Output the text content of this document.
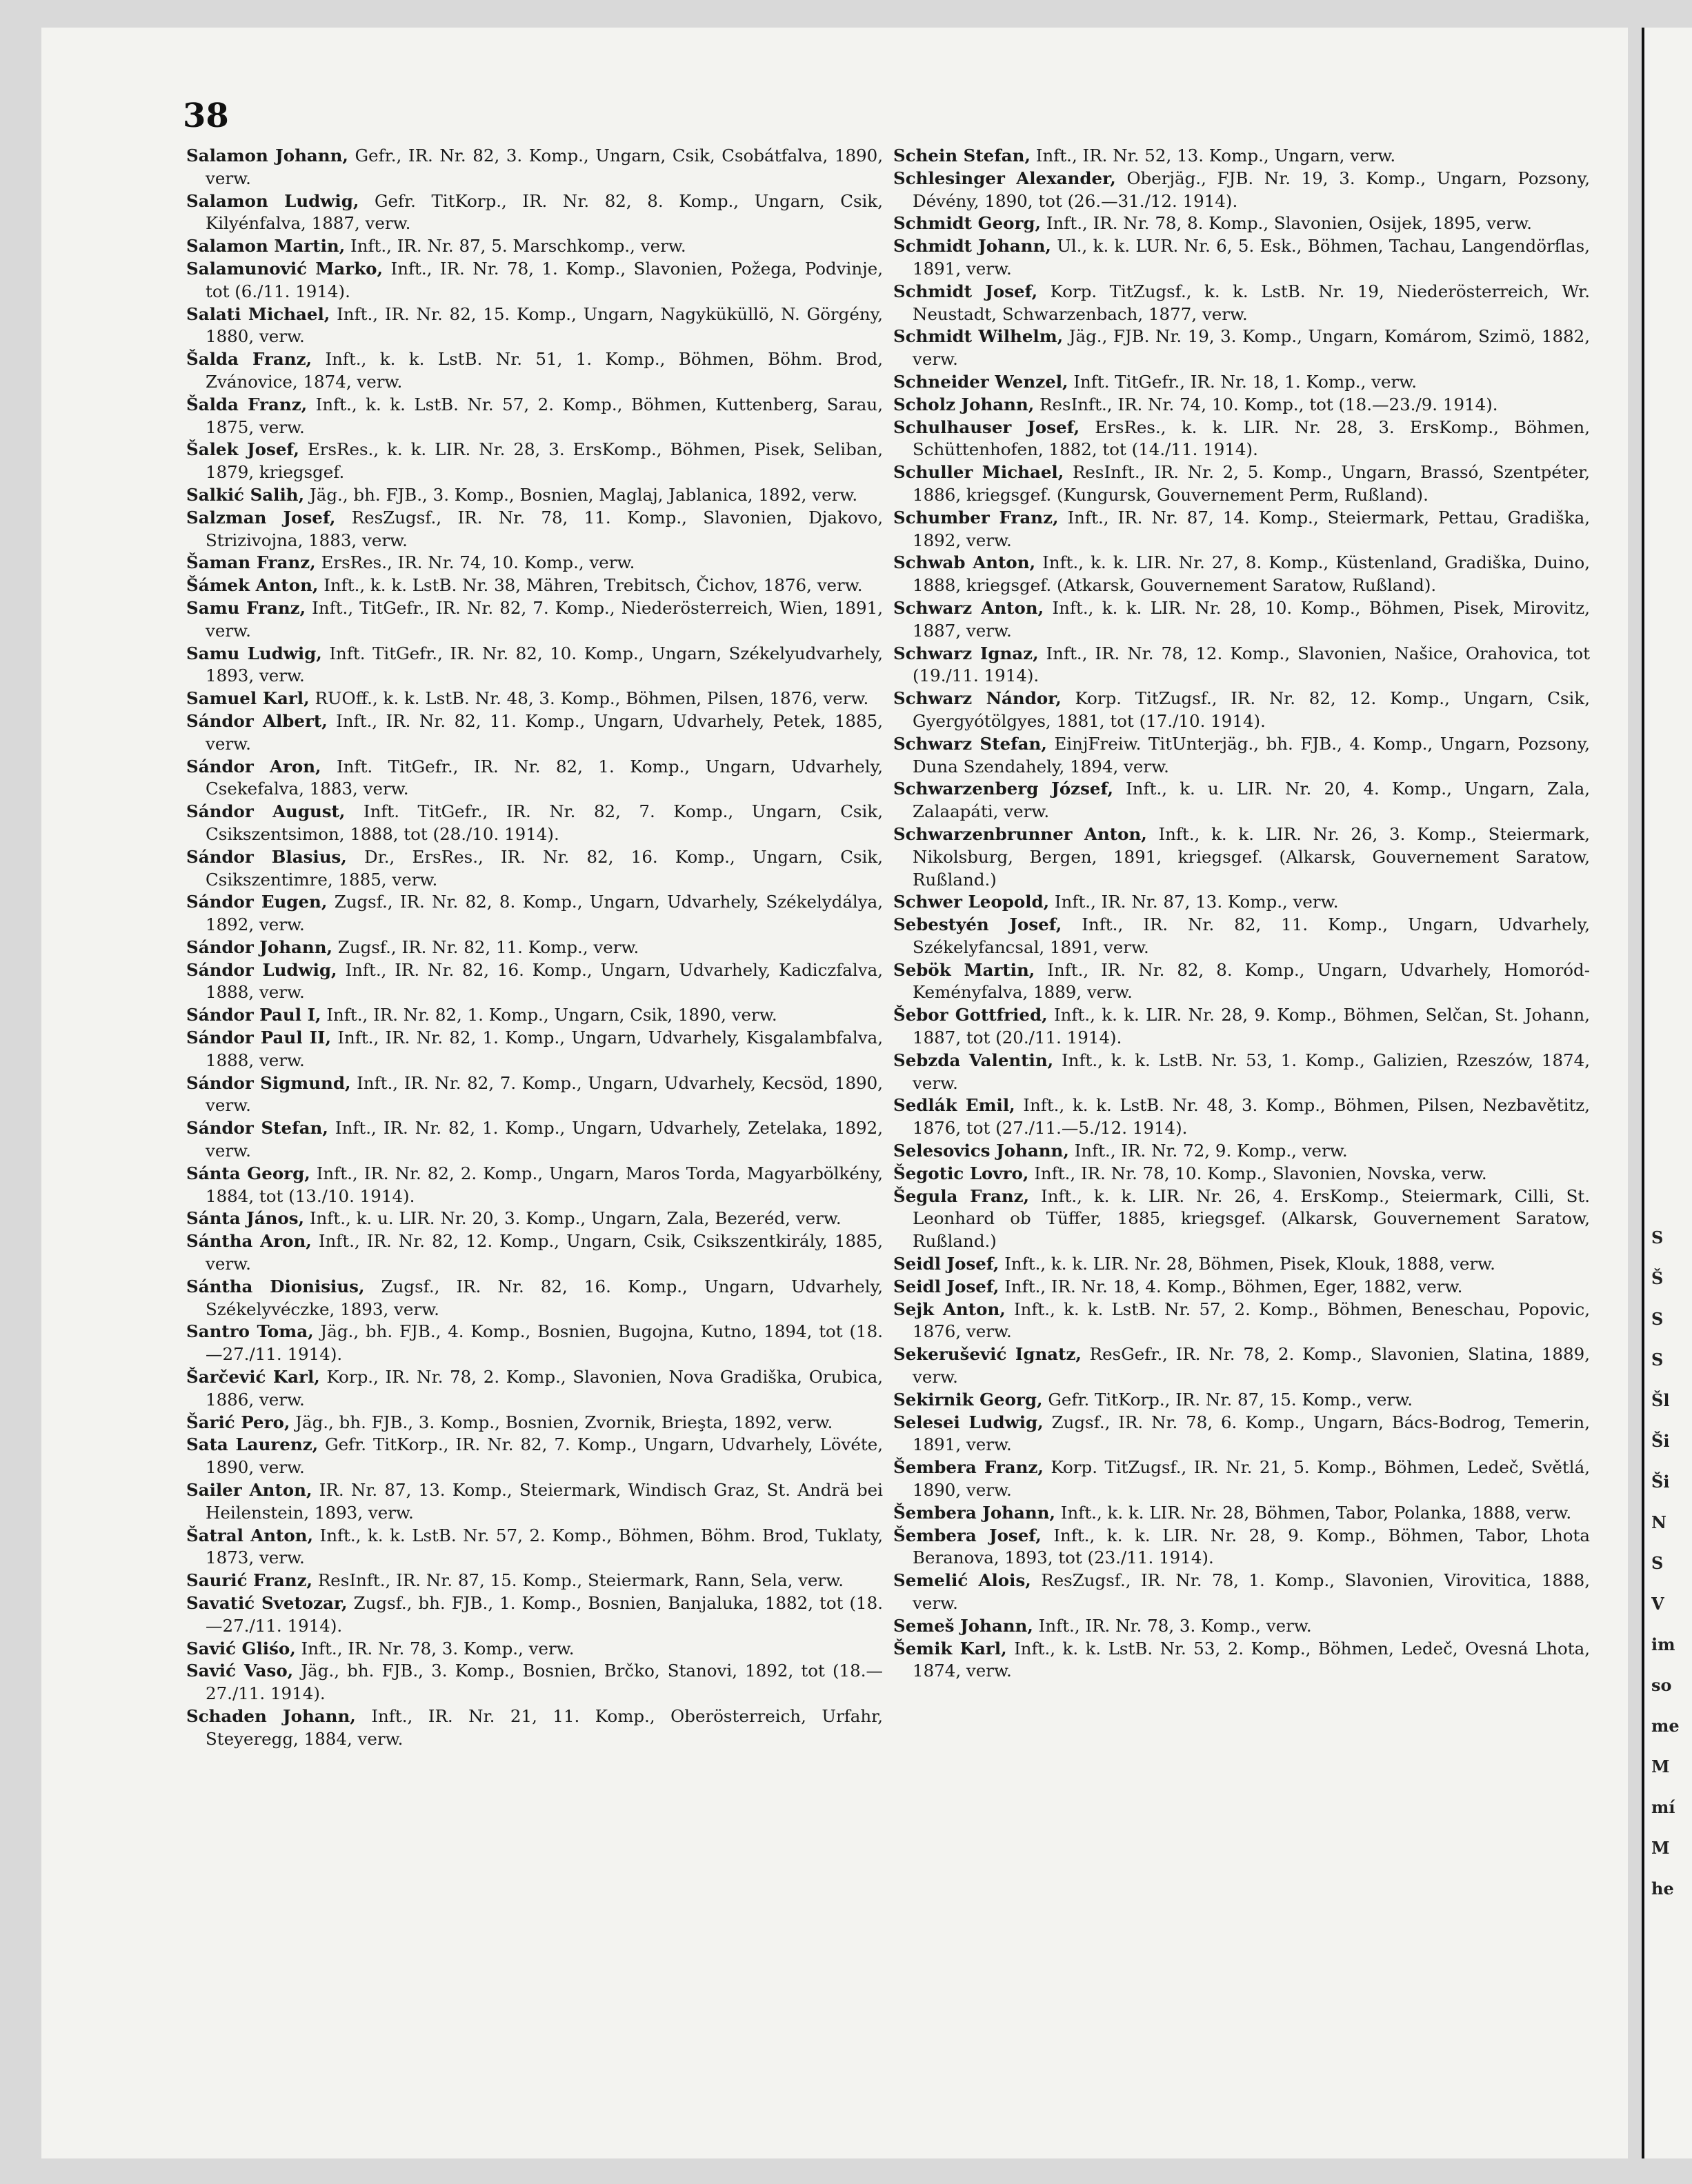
S
Š
S
S
Šl
Ši
Ši
N
S
V
im
so
me
M
mí
M
he
38
Salamon Johann, Gefr., IR. Nr. 82, 3. Komp., Ungarn, Csik, Csobátfalva, 1890, verw.
Salamon Ludwig, Gefr. TitKorp., IR. Nr. 82, 8. Komp., Ungarn, Csik, Kilyénfalva, 1887, verw.
Salamon Martin, Inft., IR. Nr. 87, 5. Marschkomp., verw.
Salamunović Marko, Inft., IR. Nr. 78, 1. Komp., Slavonien, Požega, Podvinje, tot (6./11. 1914).
Salati Michael, Inft., IR. Nr. 82, 15. Komp., Ungarn, Nagyküküllö, N. Görgény, 1880, verw.
Šalda Franz, Inft., k. k. LstB. Nr. 51, 1. Komp., Böhmen, Böhm. Brod, Zvánovice, 1874, verw.
Šalda Franz, Inft., k. k. LstB. Nr. 57, 2. Komp., Böhmen, Kuttenberg, Sarau, 1875, verw.
Šalek Josef, ErsRes., k. k. LIR. Nr. 28, 3. ErsKomp., Böhmen, Pisek, Seliban, 1879, kriegsgef.
Salkić Salih, Jäg., bh. FJB., 3. Komp., Bosnien, Maglaj, Jablanica, 1892, verw.
Salzman Josef, ResZugsf., IR. Nr. 78, 11. Komp., Slavonien, Djakovo, Strizivojna, 1883, verw.
Šaman Franz, ErsRes., IR. Nr. 74, 10. Komp., verw.
Šámek Anton, Inft., k. k. LstB. Nr. 38, Mähren, Trebitsch, Čichov, 1876, verw.
Samu Franz, Inft., TitGefr., IR. Nr. 82, 7. Komp., Niederösterreich, Wien, 1891, verw.
Samu Ludwig, Inft. TitGefr., IR. Nr. 82, 10. Komp., Ungarn, Székelyudvarhely, 1893, verw.
Samuel Karl, RUOff., k. k. LstB. Nr. 48, 3. Komp., Böhmen, Pilsen, 1876, verw.
Sándor Albert, Inft., IR. Nr. 82, 11. Komp., Ungarn, Udvarhely, Petek, 1885, verw.
Sándor Aron, Inft. TitGefr., IR. Nr. 82, 1. Komp., Ungarn, Udvarhely, Csekefalva, 1883, verw.
Sándor August, Inft. TitGefr., IR. Nr. 82, 7. Komp., Ungarn, Csik, Csikszentsimon, 1888, tot (28./10. 1914).
Sándor Blasius, Dr., ErsRes., IR. Nr. 82, 16. Komp., Ungarn, Csik, Csikszentimre, 1885, verw.
Sándor Eugen, Zugsf., IR. Nr. 82, 8. Komp., Ungarn, Udvarhely, Székelydálya, 1892, verw.
Sándor Johann, Zugsf., IR. Nr. 82, 11. Komp., verw.
Sándor Ludwig, Inft., IR. Nr. 82, 16. Komp., Ungarn, Udvarhely, Kadiczfalva, 1888, verw.
Sándor Paul I, Inft., IR. Nr. 82, 1. Komp., Ungarn, Csik, 1890, verw.
Sándor Paul II, Inft., IR. Nr. 82, 1. Komp., Ungarn, Udvarhely, Kisgalambfalva, 1888, verw.
Sándor Sigmund, Inft., IR. Nr. 82, 7. Komp., Ungarn, Udvarhely, Kecsöd, 1890, verw.
Sándor Stefan, Inft., IR. Nr. 82, 1. Komp., Ungarn, Udvarhely, Zetelaka, 1892, verw.
Sánta Georg, Inft., IR. Nr. 82, 2. Komp., Ungarn, Maros Torda, Magyarbölkény, 1884, tot (13./10. 1914).
Sánta János, Inft., k. u. LIR. Nr. 20, 3. Komp., Ungarn, Zala, Bezeréd, verw.
Sántha Aron, Inft., IR. Nr. 82, 12. Komp., Ungarn, Csik, Csikszentkirály, 1885, verw.
Sántha Dionisius, Zugsf., IR. Nr. 82, 16. Komp., Ungarn, Udvarhely, Székelyvéczke, 1893, verw.
Santro Toma, Jäg., bh. FJB., 4. Komp., Bosnien, Bugojna, Kutno, 1894, tot (18.—27./11. 1914).
Šarčević Karl, Korp., IR. Nr. 78, 2. Komp., Slavonien, Nova Gradiška, Orubica, 1886, verw.
Šarić Pero, Jäg., bh. FJB., 3. Komp., Bosnien, Zvornik, Brieşta, 1892, verw.
Sata Laurenz, Gefr. TitKorp., IR. Nr. 82, 7. Komp., Ungarn, Udvarhely, Lövéte, 1890, verw.
Sailer Anton, IR. Nr. 87, 13. Komp., Steiermark, Windisch Graz, St. Andrä bei Heilenstein, 1893, verw.
Šatral Anton, Inft., k. k. LstB. Nr. 57, 2. Komp., Böhmen, Böhm. Brod, Tuklaty, 1873, verw.
Saurić Franz, ResInft., IR. Nr. 87, 15. Komp., Steiermark, Rann, Sela, verw.
Savatić Svetozar, Zugsf., bh. FJB., 1. Komp., Bosnien, Banjaluka, 1882, tot (18.—27./11. 1914).
Savić Gliśo, Inft., IR. Nr. 78, 3. Komp., verw.
Savić Vaso, Jäg., bh. FJB., 3. Komp., Bosnien, Brčko, Stanovi, 1892, tot (18.—27./11. 1914).
Schaden Johann, Inft., IR. Nr. 21, 11. Komp., Oberösterreich, Urfahr, Steyeregg, 1884, verw.
Schein Stefan, Inft., IR. Nr. 52, 13. Komp., Ungarn, verw.
Schlesinger Alexander, Oberjäg., FJB. Nr. 19, 3. Komp., Ungarn, Pozsony, Dévény, 1890, tot (26.—31./12. 1914).
Schmidt Georg, Inft., IR. Nr. 78, 8. Komp., Slavonien, Osijek, 1895, verw.
Schmidt Johann, Ul., k. k. LUR. Nr. 6, 5. Esk., Böhmen, Tachau, Langendörflas, 1891, verw.
Schmidt Josef, Korp. TitZugsf., k. k. LstB. Nr. 19, Niederösterreich, Wr. Neustadt, Schwarzenbach, 1877, verw.
Schmidt Wilhelm, Jäg., FJB. Nr. 19, 3. Komp., Ungarn, Komárom, Szimö, 1882, verw.
Schneider Wenzel, Inft. TitGefr., IR. Nr. 18, 1. Komp., verw.
Scholz Johann, ResInft., IR. Nr. 74, 10. Komp., tot (18.—23./9. 1914).
Schulhauser Josef, ErsRes., k. k. LIR. Nr. 28, 3. ErsKomp., Böhmen, Schüttenhofen, 1882, tot (14./11. 1914).
Schuller Michael, ResInft., IR. Nr. 2, 5. Komp., Ungarn, Brassó, Szentpéter, 1886, kriegsgef. (Kungursk, Gouvernement Perm, Rußland).
Schumber Franz, Inft., IR. Nr. 87, 14. Komp., Steiermark, Pettau, Gradiška, 1892, verw.
Schwab Anton, Inft., k. k. LIR. Nr. 27, 8. Komp., Küstenland, Gradiška, Duino, 1888, kriegsgef. (Atkarsk, Gouvernement Saratow, Rußland).
Schwarz Anton, Inft., k. k. LIR. Nr. 28, 10. Komp., Böhmen, Pisek, Mirovitz, 1887, verw.
Schwarz Ignaz, Inft., IR. Nr. 78, 12. Komp., Slavonien, Našice, Orahovica, tot (19./11. 1914).
Schwarz Nándor, Korp. TitZugsf., IR. Nr. 82, 12. Komp., Ungarn, Csik, Gyergyótölgyes, 1881, tot (17./10. 1914).
Schwarz Stefan, EinjFreiw. TitUnterjäg., bh. FJB., 4. Komp., Ungarn, Pozsony, Duna Szendahely, 1894, verw.
Schwarzenberg József, Inft., k. u. LIR. Nr. 20, 4. Komp., Ungarn, Zala, Zalaapáti, verw.
Schwarzenbrunner Anton, Inft., k. k. LIR. Nr. 26, 3. Komp., Steiermark, Nikolsburg, Bergen, 1891, kriegsgef. (Alkarsk, Gouvernement Saratow, Rußland.)
Schwer Leopold, Inft., IR. Nr. 87, 13. Komp., verw.
Sebestyén Josef, Inft., IR. Nr. 82, 11. Komp., Ungarn, Udvarhely, Székelyfancsal, 1891, verw.
Sebök Martin, Inft., IR. Nr. 82, 8. Komp., Ungarn, Udvarhely, Homoród-Keményfalva, 1889, verw.
Šebor Gottfried, Inft., k. k. LIR. Nr. 28, 9. Komp., Böhmen, Selčan, St. Johann, 1887, tot (20./11. 1914).
Sebzda Valentin, Inft., k. k. LstB. Nr. 53, 1. Komp., Galizien, Rzeszów, 1874, verw.
Sedlák Emil, Inft., k. k. LstB. Nr. 48, 3. Komp., Böhmen, Pilsen, Nezbavětitz, 1876, tot (27./11.—5./12. 1914).
Selesovics Johann, Inft., IR. Nr. 72, 9. Komp., verw.
Šegotic Lovro, Inft., IR. Nr. 78, 10. Komp., Slavonien, Novska, verw.
Šegula Franz, Inft., k. k. LIR. Nr. 26, 4. ErsKomp., Steiermark, Cilli, St. Leonhard ob Tüffer, 1885, kriegsgef. (Alkarsk, Gouvernement Saratow, Rußland.)
Seidl Josef, Inft., k. k. LIR. Nr. 28, Böhmen, Pisek, Klouk, 1888, verw.
Seidl Josef, Inft., IR. Nr. 18, 4. Komp., Böhmen, Eger, 1882, verw.
Sejk Anton, Inft., k. k. LstB. Nr. 57, 2. Komp., Böhmen, Beneschau, Popovic, 1876, verw.
Sekerušević Ignatz, ResGefr., IR. Nr. 78, 2. Komp., Slavonien, Slatina, 1889, verw.
Sekirnik Georg, Gefr. TitKorp., IR. Nr. 87, 15. Komp., verw.
Selesei Ludwig, Zugsf., IR. Nr. 78, 6. Komp., Ungarn, Bács-Bodrog, Temerin, 1891, verw.
Šembera Franz, Korp. TitZugsf., IR. Nr. 21, 5. Komp., Böhmen, Ledeč, Světlá, 1890, verw.
Šembera Johann, Inft., k. k. LIR. Nr. 28, Böhmen, Tabor, Polanka, 1888, verw.
Šembera Josef, Inft., k. k. LIR. Nr. 28, 9. Komp., Böhmen, Tabor, Lhota Beranova, 1893, tot (23./11. 1914).
Semelić Alois, ResZugsf., IR. Nr. 78, 1. Komp., Slavonien, Virovitica, 1888, verw.
Semeš Johann, Inft., IR. Nr. 78, 3. Komp., verw.
Šemik Karl, Inft., k. k. LstB. Nr. 53, 2. Komp., Böhmen, Ledeč, Ovesná Lhota, 1874, verw.
